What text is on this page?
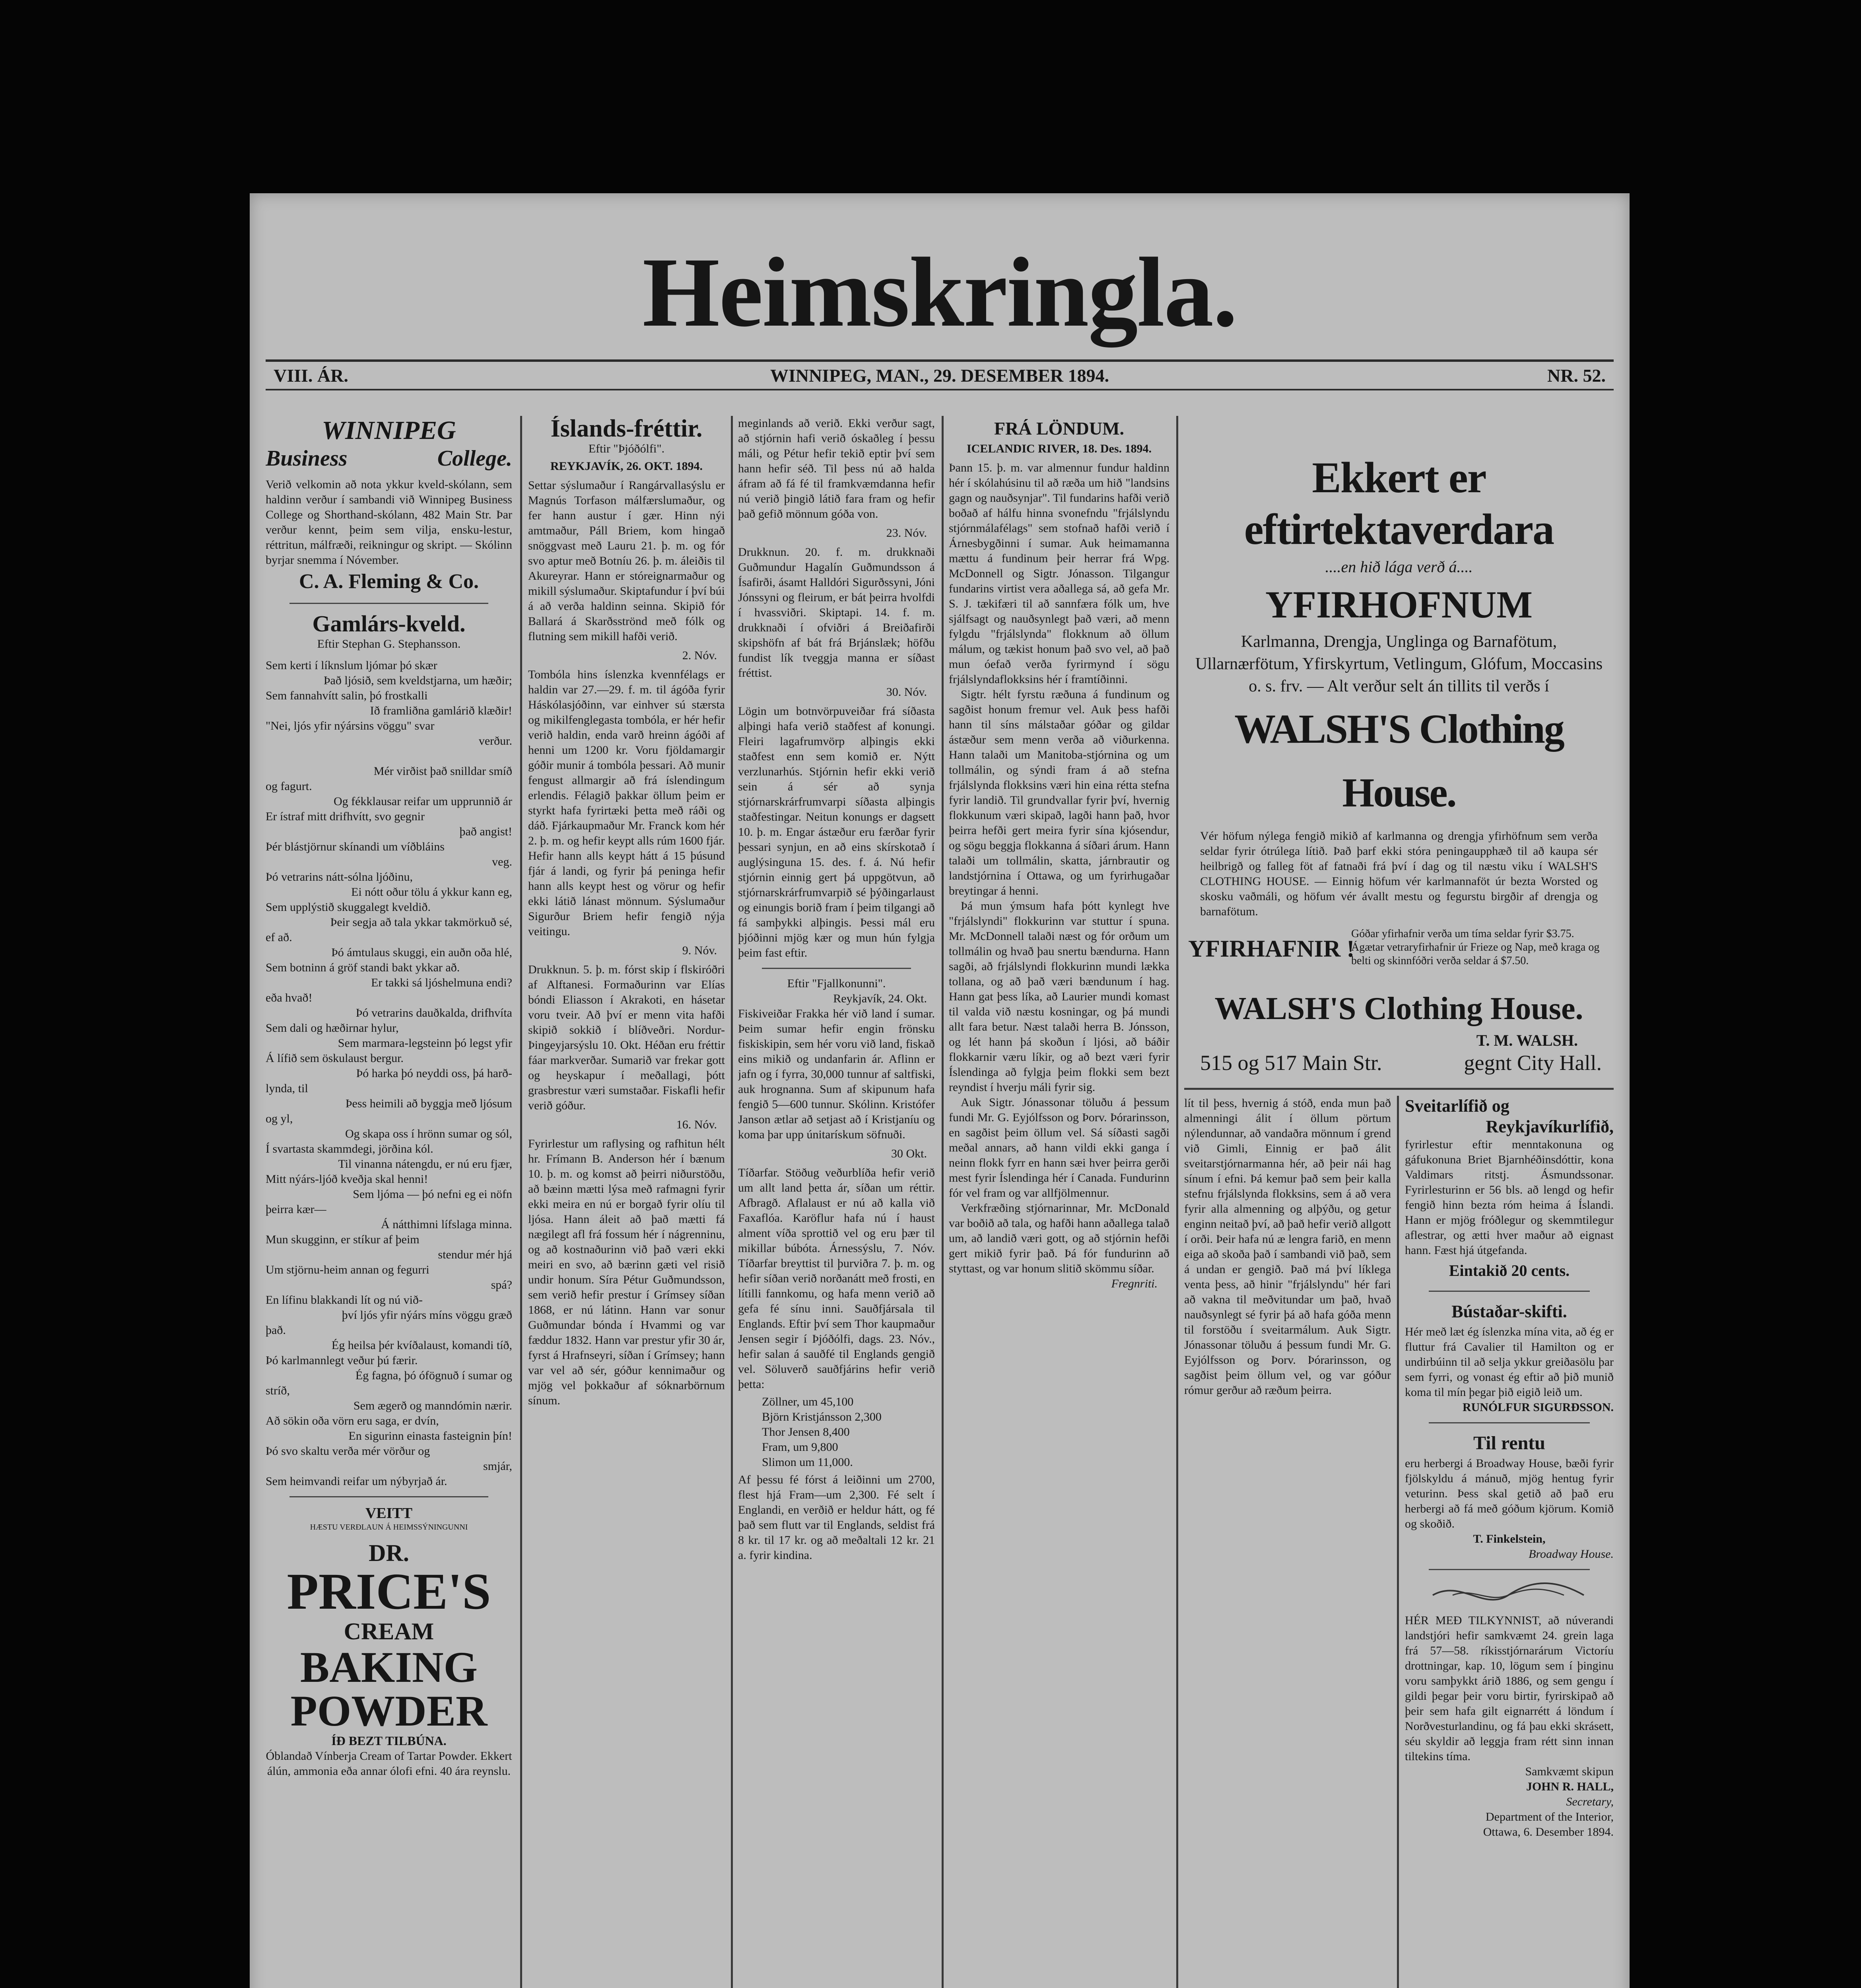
Heimskringla.
VIII. ÁR.	WINNIPEG, MAN., 29. DESEMBER 1894.	NR. 52.
WINNIPEG
Business	College.
Verið velkomin að nota ykkur kveld-skólann, sem haldinn verður í sambandi við Winnipeg Business College og Shorthand-skólann, 482 Main Str. Þar verður kennt, þeim sem vilja, ensku-lestur, réttritun, málfræði, reikningur og skript. — Skólinn byrjar snemma í Nóvember.
C. A. Fleming & Co.
Gamlárs-kveld.
Eftir Stephan G. Stephansson.
Sem kerti í líknslum ljómar þó skær
Það ljósið, sem kveldstjarna, um hæðir;
Sem fannahvítt salin, þó frostkalli
Ið framliðna gamlárið klæðir!
"Nei, ljós yfir nýársins vöggu" svar
verður.

Mér virðist það snilldar smíð
og fagurt.
Og fékklausar reifar um upprunnið ár
Er ístraf mitt drifhvítt, svo gegnir
það angist!
Þér blástjörnur skínandi um víðbláins
veg.
Þó vetrarins nátt-sólna ljóðinu,
Ei nótt oður tölu á ykkur kann eg,
Sem upplýstið skuggalegt kveldið.
Þeir segja að tala ykkar takmörkuð sé,
ef að.
Þó ámtulaus skuggi, ein auðn oða hlé,
Sem botninn á gröf standi bakt ykkar að.
Er takki sá ljóshelmuna endi?
eða hvað!
Þó vetrarins dauðkalda, drifhvíta
Sem dali og hæðirnar hylur,
Sem marmara-legsteinn þó legst yfir
Á lífið sem öskulaust bergur.
Þó harka þó neyddi oss, þá harð-
lynda, til
Þess heimili að byggja með ljósum
og yl,
Og skapa oss í hrönn sumar og sól,
Í svartasta skammdegi, jörðina kól.
Til vinanna nátengdu, er nú eru fjær,
Mitt nýárs-ljóð kveðja skal henni!
Sem ljóma — þó nefni eg ei nöfn
þeirra kær—
Á nátthimni lífslaga minna.
Mun skugginn, er stíkur af þeim
stendur mér hjá
Um stjörnu-heim annan og fegurri
spá?
En lífinu blakkandi lít og nú við-
því ljós yfir nýárs míns vöggu græð
það.
Ég heilsa þér kvíðalaust, komandi tíð,
Þó karlmannlegt veður þú færir.
Ég fagna, þó ófögnuð í sumar og
stríð,
Sem ægerð og manndómin nærir.
Að sökin oða vörn eru saga, er dvín,
En sigurinn einasta fasteignin þín!
Þó svo skaltu verða mér vörður og
smjár,
Sem heimvandi reifar um nýbyrjað ár.
VEITT
HÆSTU VERÐLAUN Á HEIMSSÝNINGUNNI
DR.
PRICE'S
CREAM
BAKING
POWDER
ÍÐ BEZT TILBÚNA.
Óblandað Vínberja Cream of Tartar Powder. Ekkert álún, ammonia eða annar ólofi efni. 40 ára reynslu.
Íslands-fréttir.
Eftir "Þjóðólfi".
REYKJAVÍK, 26. OKT. 1894.
Settar sýslumaður í Rangárvallasýslu er Magnús Torfason málfærslumaður, og fer hann austur í gær. Hinn nýi amtmaður, Páll Briem, kom hingað snöggvast með Lauru 21. þ. m. og fór svo aptur með Botníu 26. þ. m. áleiðis til Akureyrar. Hann er stóreignarmaður og mikill sýslumaður. Skiptafundur í því búi á að verða haldinn seinna. Skipið fór Ballará á Skarðsströnd með fólk og flutning sem mikill hafði verið.
2. Nóv.
Tombóla hins íslenzka kvennfélags er haldin var 27.—29. f. m. til ágóða fyrir Háskólasjóðinn, var einhver sú stærsta og mikilfenglegasta tombóla, er hér hefir verið haldin, enda varð hreinn ágóði af henni um 1200 kr. Voru fjöldamargir góðir munir á tombóla þessari. Að munir fengust allmargir að frá íslendingum erlendis. Félagið þakkar öllum þeim er styrkt hafa fyrirtæki þetta með ráði og dáð. Fjárkaupmaður Mr. Franck kom hér 2. þ. m. og hefir keypt alls rúm 1600 fjár. Hefir hann alls keypt hátt á 15 þúsund fjár á landi, og fyrir þá peninga hefir hann alls keypt hest og vörur og hefir ekki látið lánast mönnum. Sýslumaður Sigurður Briem hefir fengið nýja veitingu.
9. Nóv.
Drukknun. 5. þ. m. fórst skip í flskiróðri af Alftanesi. Formaðurinn var Elías bóndi Eliasson í Akrakoti, en hásetar voru tveir. Að því er menn vita hafði skipið sokkið í blíðveðri. Nordur-Þingeyjarsýslu 10. Okt. Héðan eru fréttir fáar markverðar. Sumarið var frekar gott og heyskapur í meðallagi, þótt grasbrestur væri sumstaðar. Fiskafli hefir verið góður.
16. Nóv.
Fyrirlestur um raflysing og rafhitun hélt hr. Frímann B. Anderson hér í bænum 10. þ. m. og komst að þeirri niðurstöðu, að bæinn mætti lýsa með rafmagni fyrir ekki meira en nú er borgað fyrir olíu til ljósa. Hann áleit að það mætti fá nægilegt afl frá fossum hér í nágrenninu, og að kostnaðurinn við það væri ekki meiri en svo, að bærinn gæti vel risið undir honum. Síra Pétur Guðmundsson, sem verið hefir prestur í Grímsey síðan 1868, er nú látinn. Hann var sonur Guðmundar bónda í Hvammi og var fæddur 1832. Hann var prestur yfir 30 ár, fyrst á Hrafnseyri, síðan í Grímsey; hann var vel að sér, góður kennimaður og mjög vel þokkaður af sóknarbörnum sínum.
meginlands að verið. Ekki verður sagt, að stjórnin hafi verið óskaðleg í þessu máli, og Pétur hefir tekið eptir því sem hann hefir séð. Til þess nú að halda áfram að fá fé til framkvæmdanna hefir nú verið þingið látið fara fram og hefir það gefið mönnum góða von.
23. Nóv.
Drukknun. 20. f. m. drukknaði Guðmundur Hagalín Guðmundsson á Ísafirði, ásamt Halldóri Sigurðssyni, Jóni Jónssyni og fleirum, er bát þeirra hvolfdi í hvassviðri. Skiptapi. 14. f. m. drukknaði í ofviðri á Breiðafirði skipshöfn af bát frá Brjánslæk; höfðu fundist lík tveggja manna er síðast fréttist.
30. Nóv.
Lögin um botnvörpuveiðar frá síðasta alþingi hafa verið staðfest af konungi. Fleiri lagafrumvörp alþingis ekki staðfest enn sem komið er. Nýtt verzlunarhús. Stjórnin hefir ekki verið sein á sér að synja stjórnarskrárfrumvarpi síðasta alþingis staðfestingar. Neitun konungs er dagsett 10. þ. m. Engar ástæður eru færðar fyrir þessari synjun, en að eins skírskotað í auglýsinguna 15. des. f. á. Nú hefir stjórnin einnig gert þá uppgötvun, að stjórnarskrárfrumvarpið sé þýðingarlaust og einungis borið fram í þeim tilgangi að fá samþykki alþingis. Þessi mál eru þjóðinni mjög kær og mun hún fylgja þeim fast eftir.
Eftir "Fjallkonunni".
Reykjavík, 24. Okt.
Fiskiveiðar Frakka hér við land í sumar. Þeim sumar hefir engin frönsku fiskiskipin, sem hér voru við land, fiskað eins mikið og undanfarin ár. Aflinn er jafn og í fyrra, 30,000 tunnur af saltfiski, auk hrognanna. Sum af skipunum hafa fengið 5—600 tunnur. Skólinn. Kristófer Janson ætlar að setjast að í Kristjaníu og koma þar upp únitarískum söfnuði.
30 Okt.
Tíðarfar. Stöðug veðurblíða hefir verið um allt land þetta ár, síðan um réttir. Afbragð. Aflalaust er nú að kalla við Faxaflóa. Karöflur hafa nú í haust alment víða sprottið vel og eru þær til mikillar búbóta. Árnessýslu, 7. Nóv. Tíðarfar breyttist til þurviðra 7. þ. m. og hefir síðan verið norðanátt með frosti, en lítilli fannkomu, og hafa menn verið að gefa fé sínu inni. Sauðfjársala til Englands. Eftir því sem Thor kaupmaður Jensen segir í Þjóðólfi, dags. 23. Nóv., hefir salan á sauðfé til Englands gengið vel. Söluverð sauðfjárins hefir verið þetta:
Zöllner, um 45,100
Björn Kristjánsson 2,300
Thor Jensen 8,400
Fram, um 9,800
Slimon um 11,000.
Af þessu fé fórst á leiðinni um 2700, flest hjá Fram—um 2,300. Fé selt í Englandi, en verðið er heldur hátt, og fé það sem flutt var til Englands, seldist frá 8 kr. til 17 kr. og að meðaltali 12 kr. 21 a. fyrir kindina.
FRÁ LÖNDUM.
ICELANDIC RIVER, 18. Des. 1894.
Þann 15. þ. m. var almennur fundur haldinn hér í skólahúsinu til að ræða um hið "landsins gagn og nauðsynjar". Til fundarins hafði verið boðað af hálfu hinna svonefndu "frjálslyndu stjórnmálafélags" sem stofnað hafði verið í Árnesbygðinni í sumar. Auk heimamanna mættu á fundinum þeir herrar frá Wpg. McDonnell og Sigtr. Jónasson. Tilgangur fundarins virtist vera aðallega sá, að gefa Mr. S. J. tækifæri til að sannfæra fólk um, hve sjálfsagt og nauðsynlegt það væri, að menn fylgdu "frjálslynda" flokknum að öllum málum, og tækist honum það svo vel, að það mun óefað verða fyrirmynd í sögu frjálslyndaflokksins hér í framtíðinni.
Sigtr. hélt fyrstu ræðuna á fundinum og sagðist honum fremur vel. Auk þess hafði hann til síns málstaðar góðar og gildar ástæður sem menn verða að viðurkenna. Hann talaði um Manitoba-stjórnina og um tollmálin, og sýndi fram á að stefna frjálslynda flokksins væri hin eina rétta stefna fyrir landið. Til grundvallar fyrir því, hvernig flokkunum væri skipað, lagði hann það, hvor þeirra hefði gert meira fyrir sína kjósendur, og sögu beggja flokkanna á síðari árum. Hann talaði um tollmálin, skatta, járnbrautir og landstjórnina í Ottawa, og um fyrirhugaðar breytingar á henni.
Þá mun ýmsum hafa þótt kynlegt hve "frjálslyndi" flokkurinn var stuttur í spuna. Mr. McDonnell talaði næst og fór orðum um tollmálin og hvað þau snertu bændurna. Hann sagði, að frjálslyndi flokkurinn mundi lækka tollana, og að það væri bændunum í hag. Hann gat þess líka, að Laurier mundi komast til valda við næstu kosningar, og þá mundi allt fara betur. Næst talaði herra B. Jónsson, og lét hann þá skoðun í ljósi, að báðir flokkarnir væru líkir, og að bezt væri fyrir Íslendinga að fylgja þeim flokki sem bezt reyndist í hverju máli fyrir sig.
Auk Sigtr. Jónassonar töluðu á þessum fundi Mr. G. Eyjólfsson og Þorv. Þórarinsson, en sagðist þeim öllum vel. Sá síðasti sagði meðal annars, að hann vildi ekki ganga í neinn flokk fyrr en hann sæi hver þeirra gerði mest fyrir Íslendinga hér í Canada. Fundurinn fór vel fram og var allfjölmennur.
Verkfræðing stjórnarinnar, Mr. McDonald var boðið að tala, og hafði hann aðallega talað um, að landið væri gott, og að stjórnin hefði gert mikið fyrir það. Þá fór fundurinn að styttast, og var honum slitið skömmu síðar.
Fregnriti.
Ekkert er eftirtektaverdara
....en hið lága verð á....
YFIRHOFNUM
Karlmanna, Drengja, Unglinga og Barnafötum, Ullarnærfötum, Yfirskyrtum, Vetlingum, Glófum, Moccasins o. s. frv. — Alt verður selt án tillits til verðs í
WALSH'S Clothing House.
Vér höfum nýlega fengið mikið af karlmanna og drengja yfirhöfnum sem verða seldar fyrir ótrúlega lítið. Það þarf ekki stóra peningaupphæð til að kaupa sér heilbrigð og falleg föt af fatnaði frá því í dag og til næstu viku í WALSH'S CLOTHING HOUSE. — Einnig höfum vér karlmannaföt úr bezta Worsted og skosku vaðmáli, og höfum vér ávallt mestu og fegurstu birgðir af drengja og barnafötum.
YFIRHAFNIR !
Góðar yfirhafnir verða um tíma seldar fyrir $3.75. Ágætar vetraryfirhafnir úr Frieze og Nap, með kraga og belti og skinnfóðri verða seldar á $7.50.
WALSH'S Clothing House.
T. M. WALSH.
515 og 517 Main Str.	gegnt City Hall.
lít til þess, hvernig á stóð, enda mun það almenningi álit í öllum pörtum nýlendunnar, að vandaðra mönnum í grend við Gimli, Einnig er það álit sveitarstjórnarmanna hér, að þeir nái hag sínum í efni. Þá kemur það sem þeir kalla stefnu frjálslynda flokksins, sem á að vera fyrir alla almenning og alþýðu, og getur enginn neitað því, að það hefir verið allgott í orði. Þeir hafa nú æ lengra farið, en menn eiga að skoða það í sambandi við það, sem á undan er gengið. Það má því líklega venta þess, að hinir "frjálslyndu" hér fari að vakna til meðvitundar um það, hvað nauðsynlegt sé fyrir þá að hafa góða menn til forstöðu í sveitarmálum. Auk Sigtr. Jónassonar töluðu á þessum fundi Mr. G. Eyjólfsson og Þorv. Þórarinsson, og sagðist þeim öllum vel, og var góður rómur gerður að ræðum þeirra.
Sveitarlífið og
Reykjavíkurlífið,
fyrirlestur eftir menntakonuna og gáfukonuna Briet Bjarnhéðinsdóttir, kona Valdimars ritstj. Ásmundssonar. Fyrirlesturinn er 56 bls. að lengd og hefir fengið hinn bezta róm heima á Íslandi. Hann er mjög fróðlegur og skemmtilegur aflestrar, og ætti hver maður að eignast hann. Fæst hjá útgefanda.
Eintakið 20 cents.
Bústaðar-skifti.
Hér með læt ég íslenzka mína vita, að ég er fluttur frá Cavalier til Hamilton og er undirbúinn til að selja ykkur greiðasölu þar sem fyrri, og vonast ég eftir að þið munið koma til mín þegar þið eigið leið um.
RUNÓLFUR SIGURÐSSON.
Til rentu
eru herbergi á Broadway House, bæði fyrir fjölskyldu á mánuð, mjög hentug fyrir veturinn. Þess skal getið að það eru herbergi að fá með góðum kjörum. Komið og skoðið.
T. Finkelstein,
Broadway House.
HÉR MEÐ TILKYNNIST, að núverandi landstjóri hefir samkvæmt 24. grein laga frá 57—58. ríkisstjórnarárum Victoríu drottningar, kap. 10, lögum sem í þinginu voru samþykkt árið 1886, og sem gengu í gildi þegar þeir voru birtir, fyrirskipað að þeir sem hafa gilt eignarrétt á löndum í Norðvesturlandinu, og fá þau ekki skrásett, séu skyldir að leggja fram rétt sinn innan tiltekins tíma.
Samkvæmt skipun
JOHN R. HALL,
Secretary,
Department of the Interior,
Ottawa, 6. Desember 1894.
